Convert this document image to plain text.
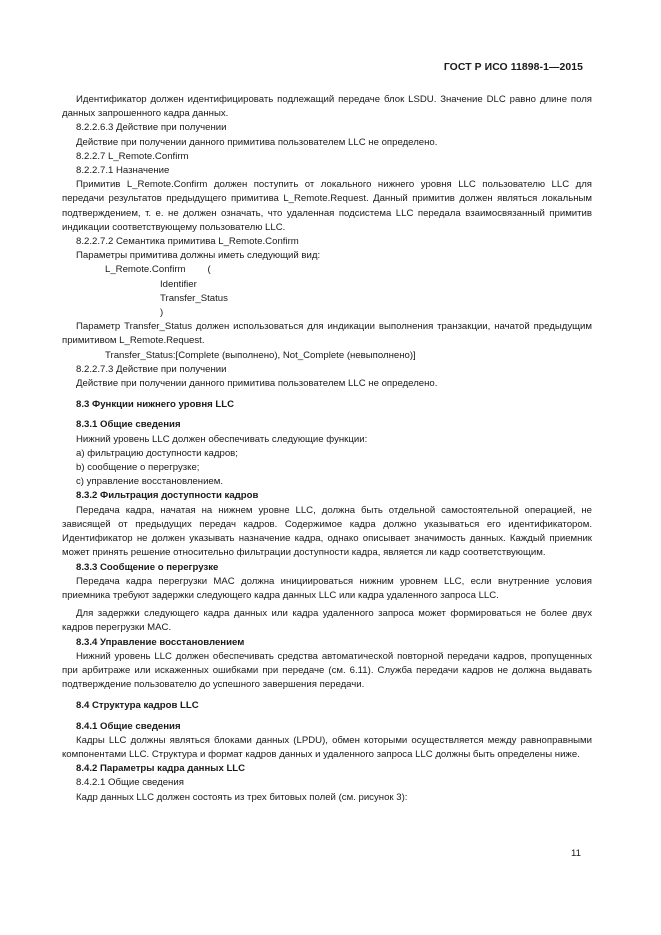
ГОСТ Р ИСО 11898-1—2015

Идентификатор должен идентифицировать подлежащий передаче блок LSDU. Значение DLC равно длине поля данных запрошенного кадра данных.

8.2.2.6.3 Действие при получении

Действие при получении данного примитива пользователем LLC не определено.

8.2.2.7 L_Remote.Confirm

8.2.2.7.1 Назначение

Примитив L_Remote.Confirm должен поступить от локального нижнего уровня LLC пользователю LLC для передачи результатов предыдущего примитива L_Remote.Request. Данный примитив должен являться локальным подтверждением, т. е. не должен означать, что удаленная подсистема LLC передала взаимосвязанный примитив индикации соответствующему пользователю LLC.

8.2.2.7.2 Семантика примитива L_Remote.Confirm

Параметры примитива должны иметь следующий вид:

L_Remote.Confirm (

Identifier

Transfer_Status

)

Параметр Transfer_Status должен использоваться для индикации выполнения транзакции, начатой предыдущим примитивом L_Remote.Request.

Transfer_Status:[Complete (выполнено), Not_Complete (невыполнено)]

8.2.2.7.3 Действие при получении

Действие при получении данного примитива пользователем LLC не определено.

8.3 Функции нижнего уровня LLC

8.3.1 Общие сведения

Нижний уровень LLC должен обеспечивать следующие функции:

a) фильтрацию доступности кадров;

b) сообщение о перегрузке;

c) управление восстановлением.

8.3.2 Фильтрация доступности кадров

Передача кадра, начатая на нижнем уровне LLC, должна быть отдельной самостоятельной операцией, не зависящей от предыдущих передач кадров. Содержимое кадра должно указываться его идентификатором. Идентификатор не должен указывать назначение кадра, однако описывает значимость данных. Каждый приемник может принять решение относительно фильтрации доступности кадра, является ли кадр соответствующим.

8.3.3 Сообщение о перегрузке

Передача кадра перегрузки MAC должна инициироваться нижним уровнем LLC, если внутренние условия приемника требуют задержки следующего кадра данных LLC или кадра удаленного запроса LLC.

Для задержки следующего кадра данных или кадра удаленного запроса может формироваться не более двух кадров перегрузки MAC.

8.3.4 Управление восстановлением

Нижний уровень LLC должен обеспечивать средства автоматической повторной передачи кадров, пропущенных при арбитраже или искаженных ошибками при передаче (см. 6.11). Служба передачи кадров не должна выдавать подтверждение пользователю до успешного завершения передачи.

8.4 Структура кадров LLC

8.4.1 Общие сведения

Кадры LLC должны являться блоками данных (LPDU), обмен которыми осуществляется между равноправными компонентами LLC. Структура и формат кадров данных и удаленного запроса LLC должны быть определены ниже.

8.4.2 Параметры кадра данных LLC

8.4.2.1 Общие сведения

Кадр данных LLC должен состоять из трех битовых полей (см. рисунок 3):

11
